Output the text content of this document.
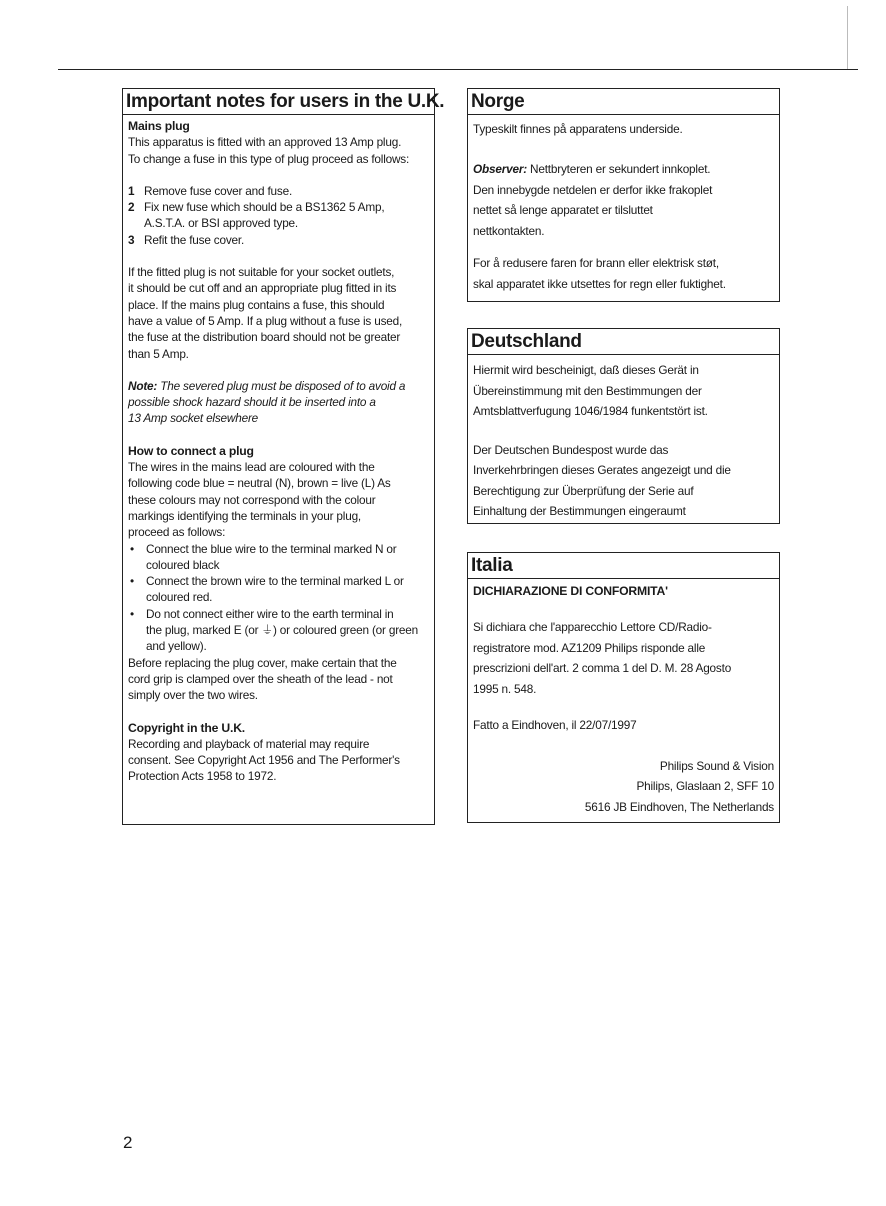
Important notes for users in the U.K.
Mains plug

This apparatus is fitted with an approved 13 Amp plug.

To change a fuse in this type of plug proceed as follows:

1 Remove fuse cover and fuse.
2 Fix new fuse which should be a BS1362 5 Amp,
A.S.T.A. or BSI approved type.
3 Refit the fuse cover.

If the fitted plug is not suitable for your socket outlets,
it should be cut off and an appropriate plug fitted in its
place. If the mains plug contains a fuse, this should
have a value of 5 Amp. If a plug without a fuse is used,
the fuse at the distribution board should not be greater
than 5 Amp.

Note: The severed plug must be disposed of to avoid a
possible shock hazard should it be inserted into a
13 Amp socket elsewhere

How to connect a plug

The wires in the mains lead are coloured with the
following code blue = neutral (N), brown = live (L) As
these colours may not correspond with the colour
markings identifying the terminals in your plug,
proceed as follows:

•	Connect the blue wire to the terminal marked N or
coloured black
•	Connect the brown wire to the terminal marked L or
coloured red.
•	Do not connect either wire to the earth terminal in
the plug, marked E (or ⏚) or coloured green (or green
and yellow).

Before replacing the plug cover, make certain that the
cord grip is clamped over the sheath of the lead - not
simply over the two wires.

Copyright in the U.K.

Recording and playback of material may require
consent. See Copyright Act 1956 and The Performer's
Protection Acts 1958 to 1972.

Norge

Typeskilt finnes på apparatens underside.

Observer: Nettbryteren er sekundert innkoplet.
Den innebygde netdelen er derfor ikke frakoplet
nettet så lenge apparatet er tilsluttet
nettkontakten.

For å redusere faren for brann eller elektrisk støt,
skal apparatet ikke utsettes for regn eller fuktighet.

Deutschland

Hiermit wird bescheinigt, daß dieses Gerät in
Übereinstimmung mit den Bestimmungen der
Amtsblattverfugung 1046/1984 funkentstört ist.

Der Deutschen Bundespost wurde das
Inverkehrbringen dieses Gerates angezeigt und die
Berechtigung zur Überprüfung der Serie auf
Einhaltung der Bestimmungen eingeraumt

Italia
DICHIARAZIONE DI CONFORMITA'

Si dichiara che l'apparecchio Lettore CD/Radio-
registratore mod. AZ1209 Philips risponde alle
prescrizioni dell'art. 2 comma 1 del D. M. 28 Agosto
1995 n. 548.

Fatto a Eindhoven, il 22/07/1997

Philips Sound & Vision
Philips, Glaslaan 2, SFF 10
5616 JB Eindhoven, The Netherlands

2
